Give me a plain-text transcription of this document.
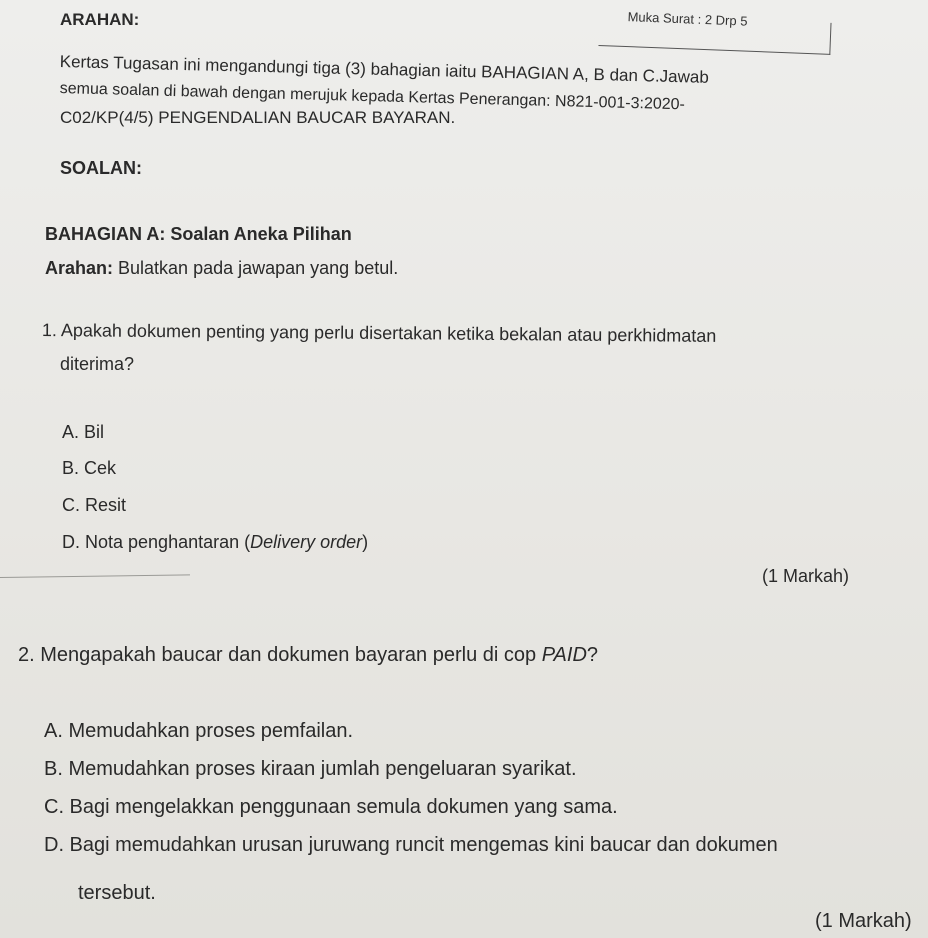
ARAHAN:	Muka Surat : 2 Drp 5
Kertas Tugasan ini mengandungi tiga (3) bahagian iaitu BAHAGIAN A, B dan C.Jawab
semua soalan di bawah dengan merujuk kepada Kertas Penerangan: N821-001-3:2020-
C02/KP(4/5) PENGENDALIAN BAUCAR BAYARAN.
SOALAN:
BAHAGIAN A: Soalan Aneka Pilihan
Arahan: Bulatkan pada jawapan yang betul.
1. Apakah dokumen penting yang perlu disertakan ketika bekalan atau perkhidmatan
diterima?
A. Bil
B. Cek
C. Resit
D. Nota penghantaran (Delivery order)
(1 Markah)
2. Mengapakah baucar dan dokumen bayaran perlu di cop PAID?
A. Memudahkan proses pemfailan.
B. Memudahkan proses kiraan jumlah pengeluaran syarikat.
C. Bagi mengelakkan penggunaan semula dokumen yang sama.
D. Bagi memudahkan urusan juruwang runcit mengemas kini baucar dan dokumen
tersebut.
(1 Markah)
